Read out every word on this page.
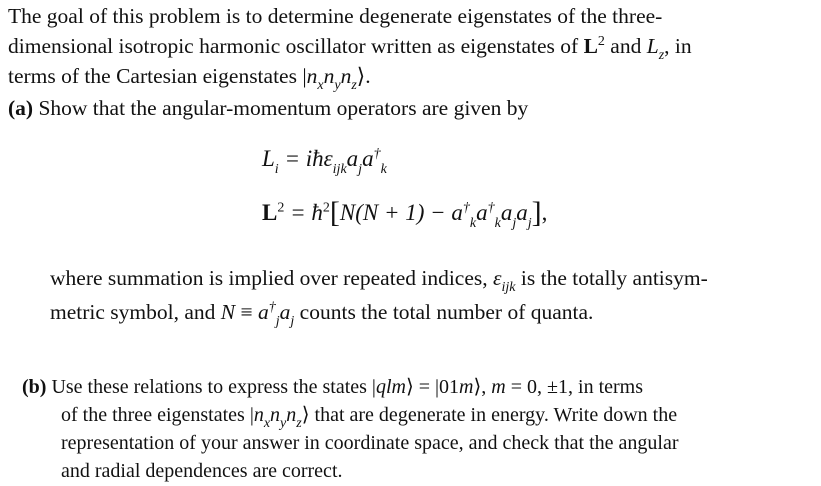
The goal of this problem is to determine degenerate eigenstates of the three-
dimensional isotropic harmonic oscillator written as eigenstates of $L^2$ and $L_z$, in
terms of the Cartesian eigenstates $|n_xn_yn_z⟩$.
(a) Show that the angular-momentum operators are given by
$L_i$ = $iħ\varepsilon_{ijk}a_ja^\dagger_k$
$L^2$ = $ħ^2[N(N + 1) - a^\dagger_ka^\dagger_ka_ja_j]$,
where summation is implied over repeated indices, $\varepsilon_{ijk}$ is the totally antisym-
metric symbol, and $N \equiv a^\dagger_ja_j$ counts the total number of quanta.
(b) Use these relations to express the states |qlm⟩ = |01m⟩, m = 0, ±1, in terms
of the three eigenstates $|n_xn_yn_z⟩$ that are degenerate in energy. Write down the
representation of your answer in coordinate space, and check that the angular
and radial dependences are correct.
